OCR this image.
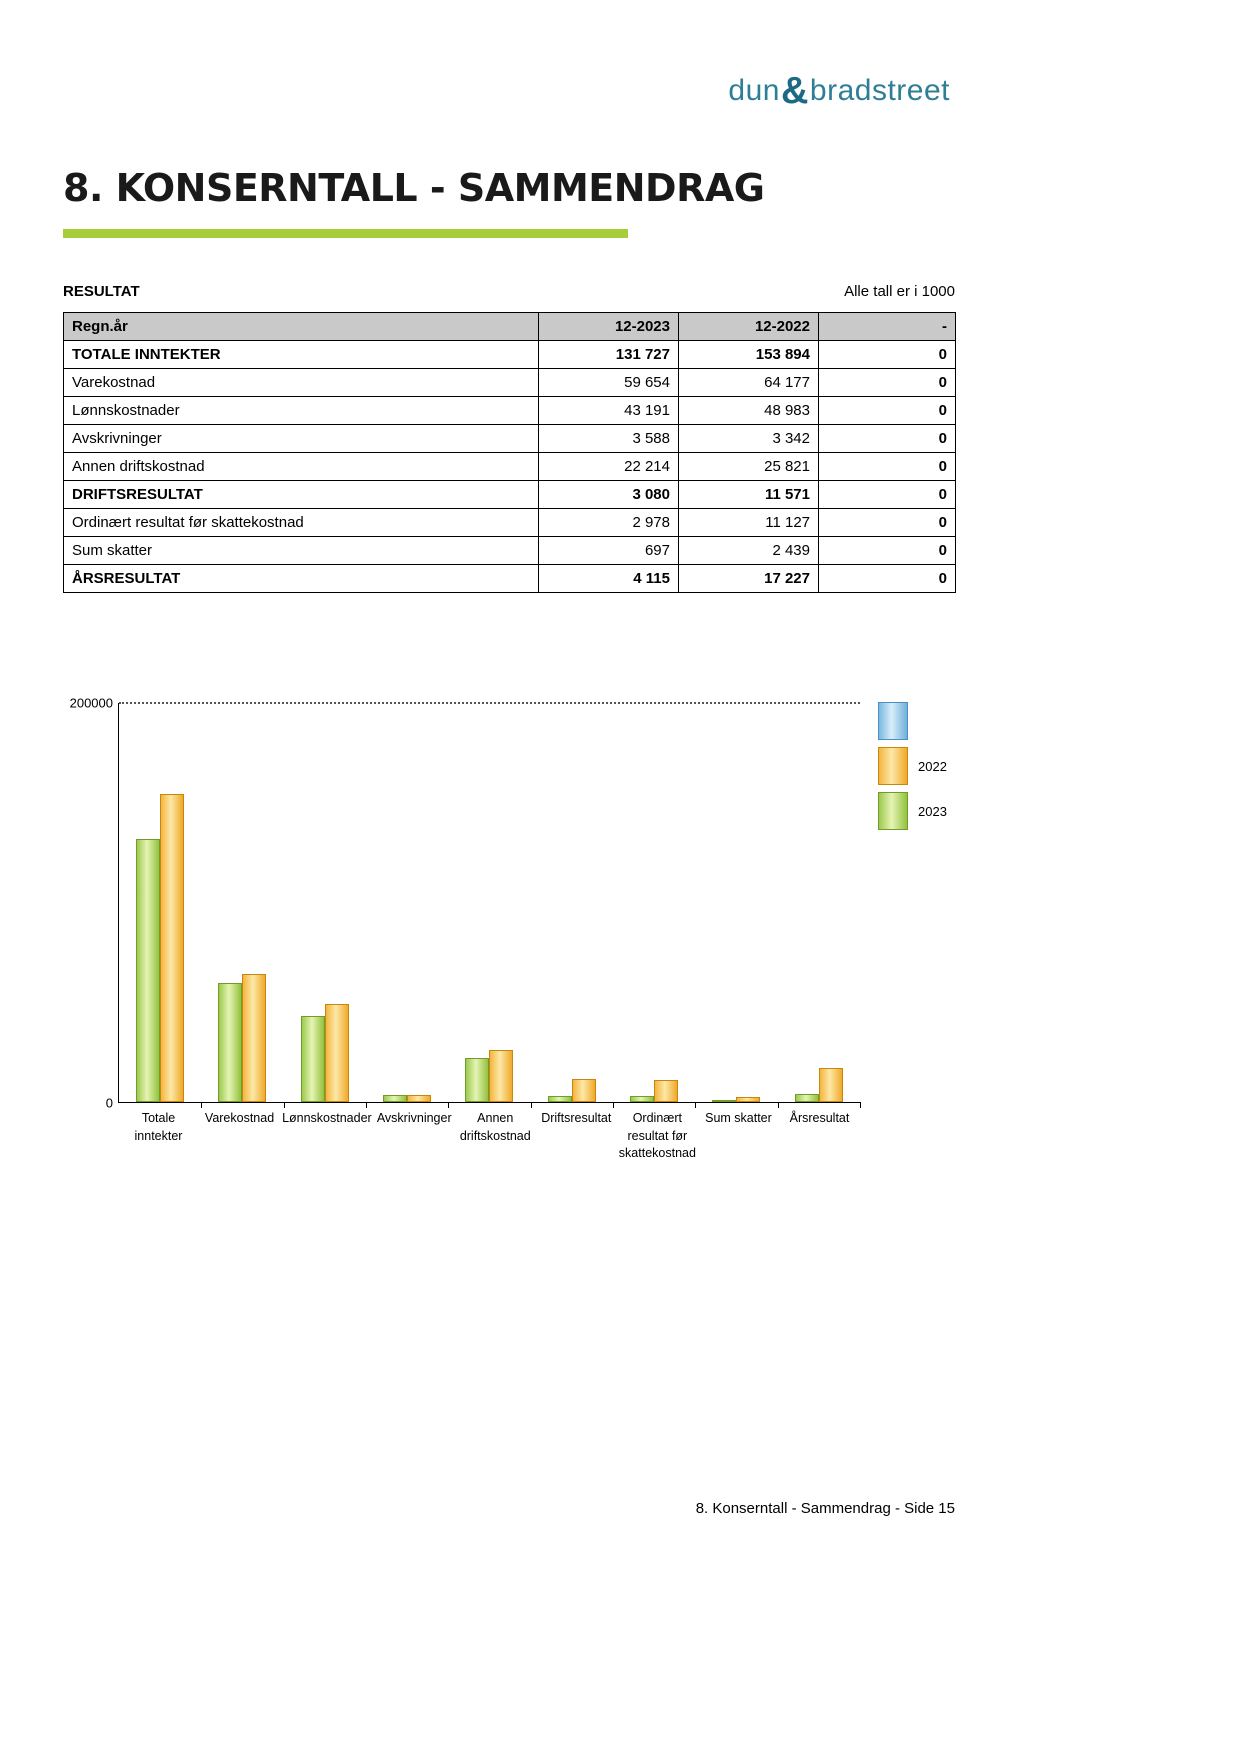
dun&bradstreet
8. KONSERNTALL - SAMMENDRAG
RESULTAT	Alle tall er i 1000
Regn.år	12-2023	12-2022	-
TOTALE INNTEKTER	131 727	153 894	0
Varekostnad	59 654	64 177	0
Lønnskostnader	43 191	48 983	0
Avskrivninger	3 588	3 342	0
Annen driftskostnad	22 214	25 821	0
DRIFTSRESULTAT	3 080	11 571	0
Ordinært resultat før skattekostnad	2 978	11 127	0
Sum skatter	697	2 439	0
ÅRSRESULTAT	4 115	17 227	0
200000
0
Totale inntekter
Varekostnad Lønnskostnader Avskrivninger	Annen driftskostnad
Driftsresultat	Ordinært resultat før skattekostnad
Sum skatter	Årsresultat
2022
2023
8. Konserntall - Sammendrag - Side 15
